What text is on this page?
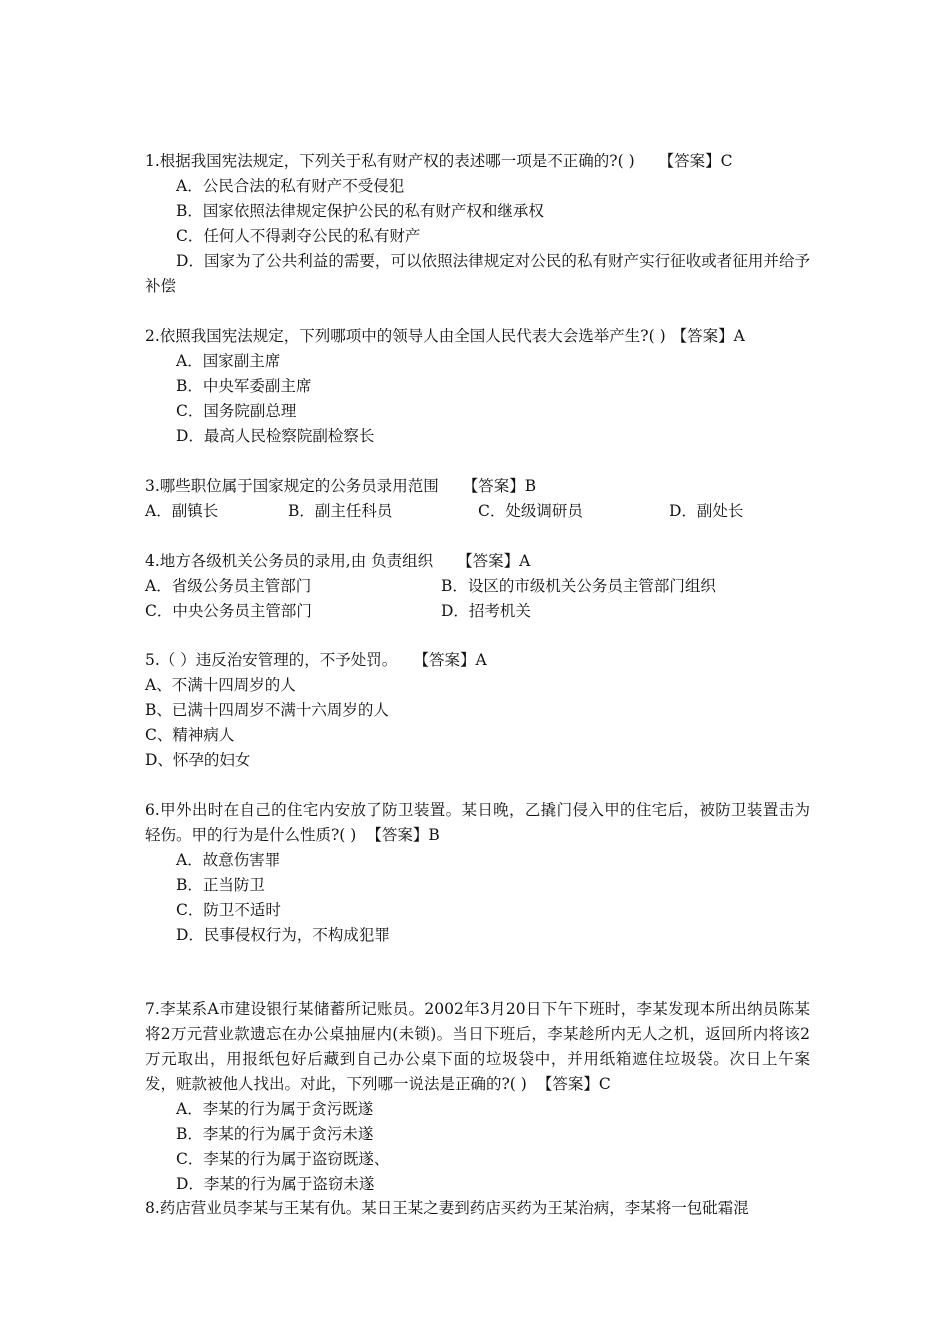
1.根据我国宪法规定，下列关于私有财产权的表述哪一项是不正确的?( ) 【答案】C
A．公民合法的私有财产不受侵犯
B．国家依照法律规定保护公民的私有财产权和继承权
C．任何人不得剥夺公民的私有财产
D．国家为了公共利益的需要，可以依照法律规定对公民的私有财产实行征收或者征用并给予补偿
2.依照我国宪法规定，下列哪项中的领导人由全国人民代表大会选举产生?( ) 【答案】A
A．国家副主席
B．中央军委副主席
C．国务院副总理
D．最高人民检察院副检察长
3.哪些职位属于国家规定的公务员录用范围 【答案】B
A．副镇长	B．副主任科员	C．处级调研员	D．副处长
4.地方各级机关公务员的录用,由 负责组织 【答案】A
A．省级公务员主管部门	B．设区的市级机关公务员主管部门组织
C．中央公务员主管部门	D．招考机关
5.（ ）违反治安管理的，不予处罚。 【答案】A
A、不满十四周岁的人
B、已满十四周岁不满十六周岁的人
C、精神病人
D、怀孕的妇女
6.甲外出时在自己的住宅内安放了防卫装置。某日晚，乙撬门侵入甲的住宅后，被防卫装置击为轻伤。甲的行为是什么性质?( ) 【答案】B
A．故意伤害罪
B．正当防卫
C．防卫不适时
D．民事侵权行为，不构成犯罪
7.李某系A市建设银行某储蓄所记账员。2002年3月20日下午下班时，李某发现本所出纳员陈某将2万元营业款遗忘在办公桌抽屉内(未锁)。当日下班后，李某趁所内无人之机，返回所内将该2万元取出，用报纸包好后藏到自己办公桌下面的垃圾袋中，并用纸箱遮住垃圾袋。次日上午案发，赃款被他人找出。对此，下列哪一说法是正确的?( ) 【答案】C
A．李某的行为属于贪污既遂
B．李某的行为属于贪污未遂
C．李某的行为属于盗窃既遂、
D．李某的行为属于盗窃未遂
8.药店营业员李某与王某有仇。某日王某之妻到药店买药为王某治病，李某将一包砒霜混
